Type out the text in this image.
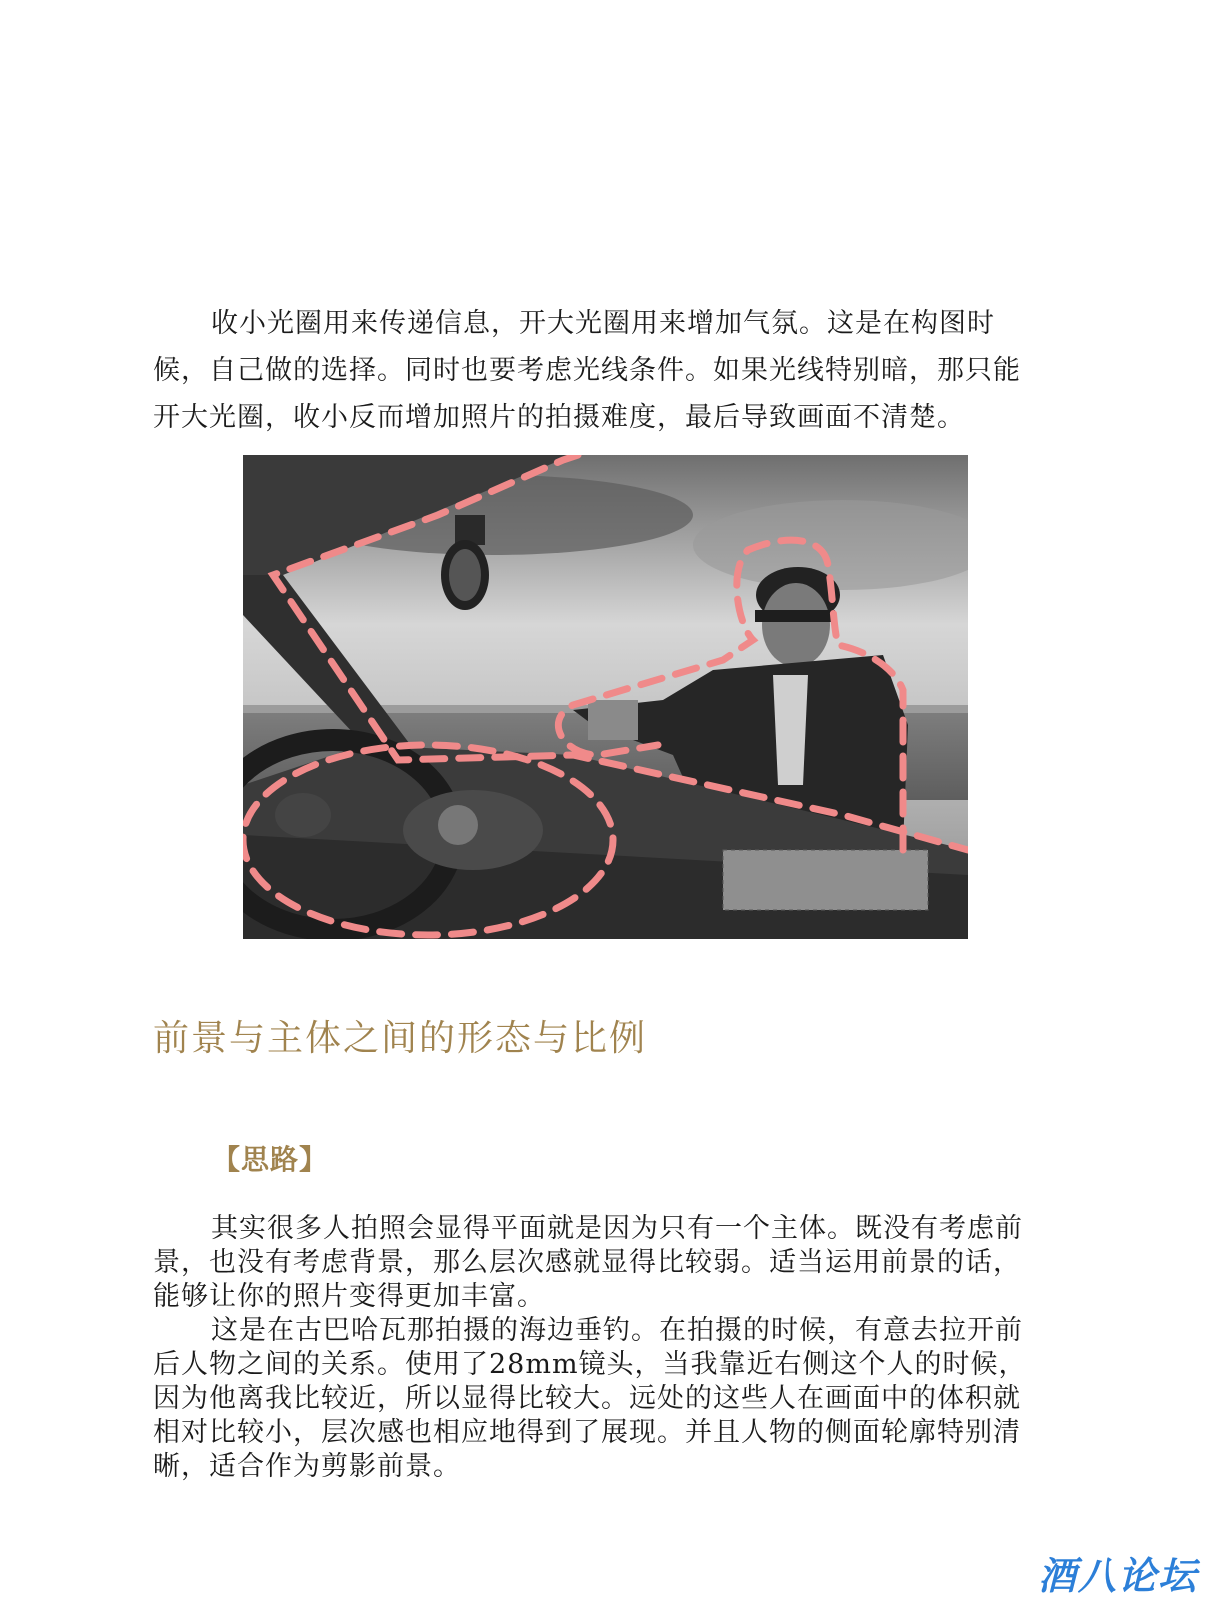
收小光圈用来传递信息，开大光圈用来增加气氛。这是在构图时候，自己做的选择。同时也要考虑光线条件。如果光线特别暗，那只能开大光圈，收小反而增加照片的拍摄难度，最后导致画面不清楚。

前景与主体之间的形态与比例
【思路】

其实很多人拍照会显得平面就是因为只有一个主体。既没有考虑前景，也没有考虑背景，那么层次感就显得比较弱。适当运用前景的话，能够让你的照片变得更加丰富。

这是在古巴哈瓦那拍摄的海边垂钓。在拍摄的时候，有意去拉开前后人物之间的关系。使用了28mm镜头，当我靠近右侧这个人的时候，因为他离我比较近，所以显得比较大。远处的这些人在画面中的体积就相对比较小，层次感也相应地得到了展现。并且人物的侧面轮廓特别清晰，适合作为剪影前景。

酒八论坛
